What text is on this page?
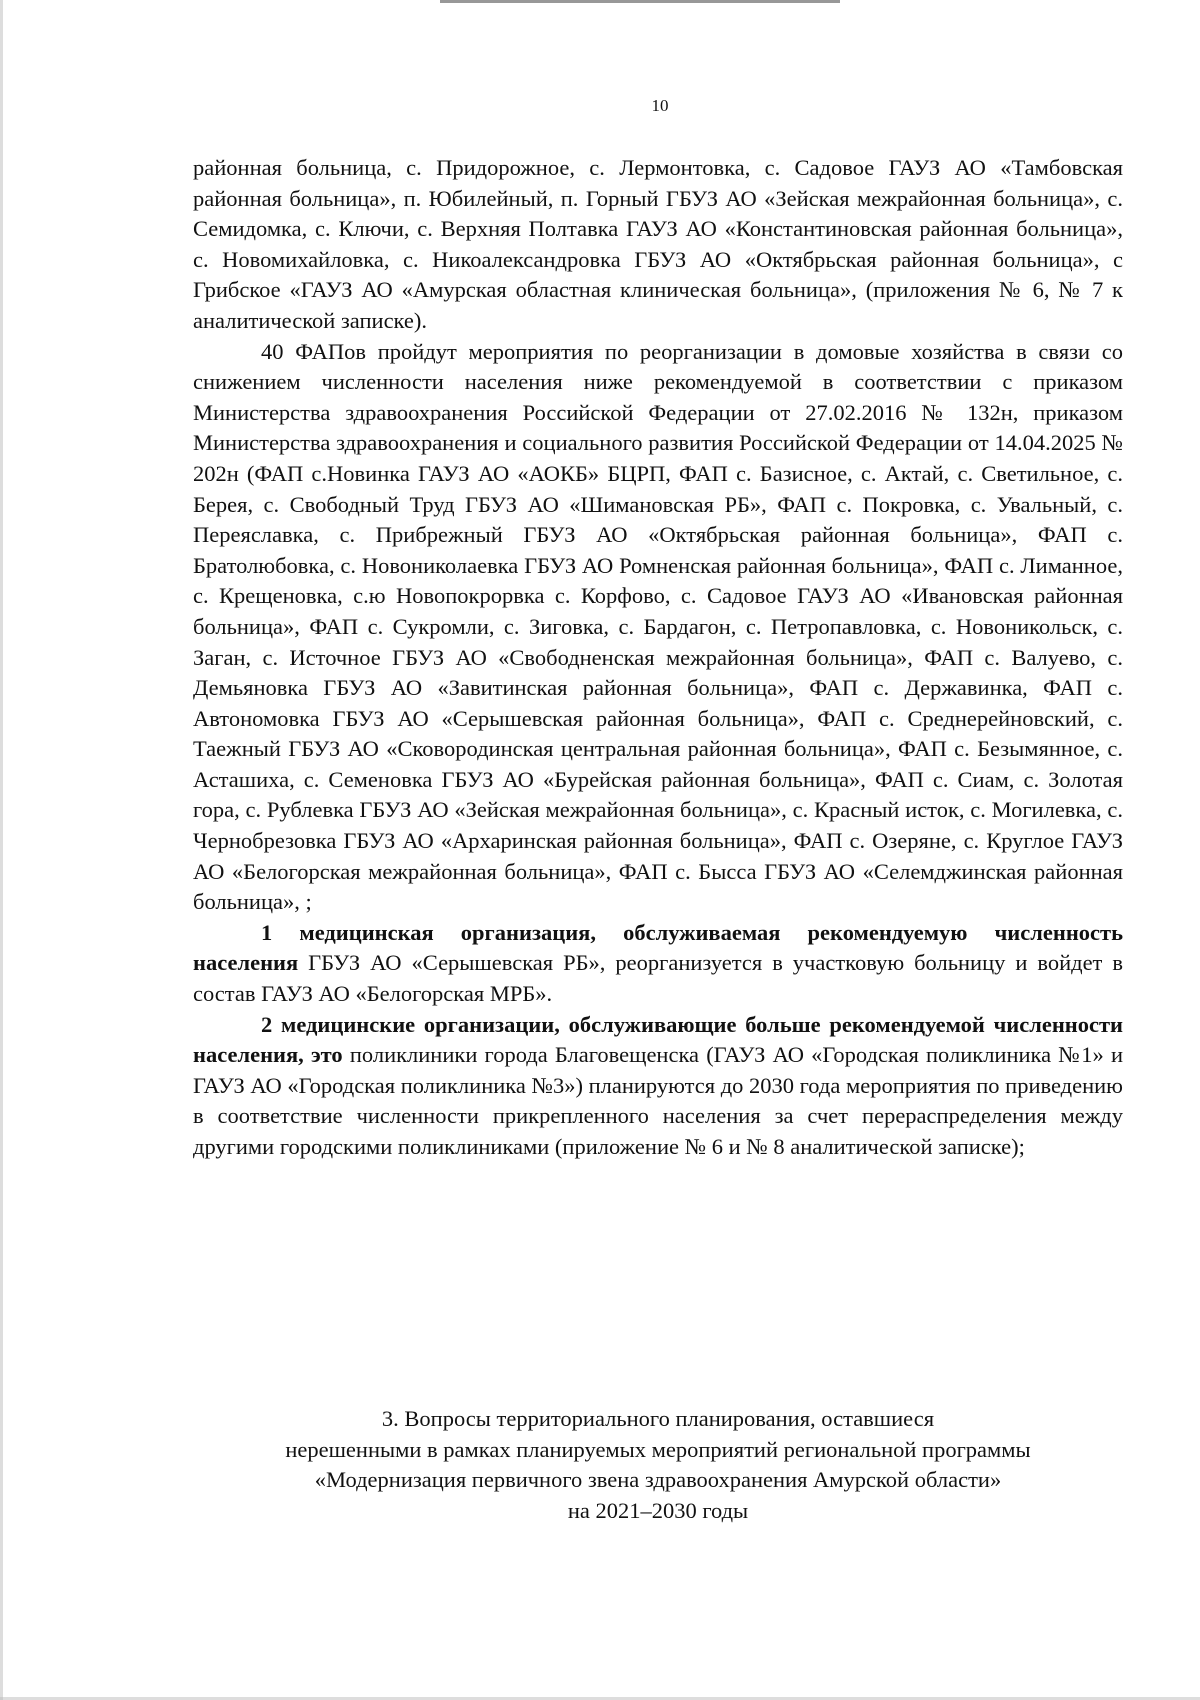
10

районная больница, с. Придорожное, с. Лермонтовка, с. Садовое ГАУЗ АО «Тамбовская районная больница», п. Юбилейный, п. Горный ГБУЗ АО «Зейская межрайонная больница», с. Семидомка, с. Ключи, с. Верхняя Полтавка ГАУЗ АО «Константиновская районная больница», с. Новомихайловка, с. Никоалександровка ГБУЗ АО «Октябрьская районная больница», с Грибское «ГАУЗ АО «Амурская областная клиническая больница», (приложения № 6, № 7 к аналитической записке).

40 ФАПов пройдут мероприятия по реорганизации в домовые хозяйства в связи со снижением численности населения ниже рекомендуемой в соответствии с приказом Министерства здравоохранения Российской Федерации от 27.02.2016 № 132н, приказом Министерства здравоохранения и социального развития Российской Федерации от 14.04.2025 № 202н (ФАП с.Новинка ГАУЗ АО «АОКБ» БЦРП, ФАП с. Базисное, с. Актай, с. Светильное, с. Берея, с. Свободный Труд ГБУЗ АО «Шимановская РБ», ФАП с. Покровка, с. Увальный, с. Переяславка, с. Прибрежный ГБУЗ АО «Октябрьская районная больница», ФАП с. Братолюбовка, с. Новониколаевка ГБУЗ АО Ромненская районная больница», ФАП с. Лиманное, с. Крещеновка, с.ю Новопокрорвка с. Корфово, с. Садовое ГАУЗ АО «Ивановская районная больница», ФАП с. Сукромли, с. Зиговка, с. Бардагон, с. Петропавловка, с. Новоникольск, с. Заган, с. Источное ГБУЗ АО «Свободненская межрайонная больница», ФАП с. Валуево, с. Демьяновка ГБУЗ АО «Завитинская районная больница», ФАП с. Державинка, ФАП с. Автономовка ГБУЗ АО «Серышевская районная больница», ФАП с. Среднерейновский, с. Таежный ГБУЗ АО «Сковородинская центральная районная больница», ФАП с. Безымянное, с. Асташиха, с. Семеновка ГБУЗ АО «Бурейская районная больница», ФАП с. Сиам, с. Золотая гора, с. Рублевка ГБУЗ АО «Зейская межрайонная больница», с. Красный исток, с. Могилевка, с. Чернобрезовка ГБУЗ АО «Архаринская районная больница», ФАП с. Озеряне, с. Круглое ГАУЗ АО «Белогорская межрайонная больница», ФАП с. Бысса ГБУЗ АО «Селемджинская районная больница», ;

1 медицинская организация, обслуживаемая рекомендуемую численность населения ГБУЗ АО «Серышевская РБ», реорганизуется в участковую больницу и войдет в состав ГАУЗ АО «Белогорская МРБ».

2 медицинские организации, обслуживающие больше рекомендуемой численности населения, это поликлиники города Благовещенска (ГАУЗ АО «Городская поликлиника №1» и ГАУЗ АО «Городская поликлиника №3») планируются до 2030 года мероприятия по приведению в соответствие численности прикрепленного населения за счет перераспределения между другими городскими поликлиниками (приложение № 6 и № 8 аналитической записке);

3. Вопросы территориального планирования, оставшиеся
нерешенными в рамках планируемых мероприятий региональной программы
«Модернизация первичного звена здравоохранения Амурской области»
на 2021–2030 годы
